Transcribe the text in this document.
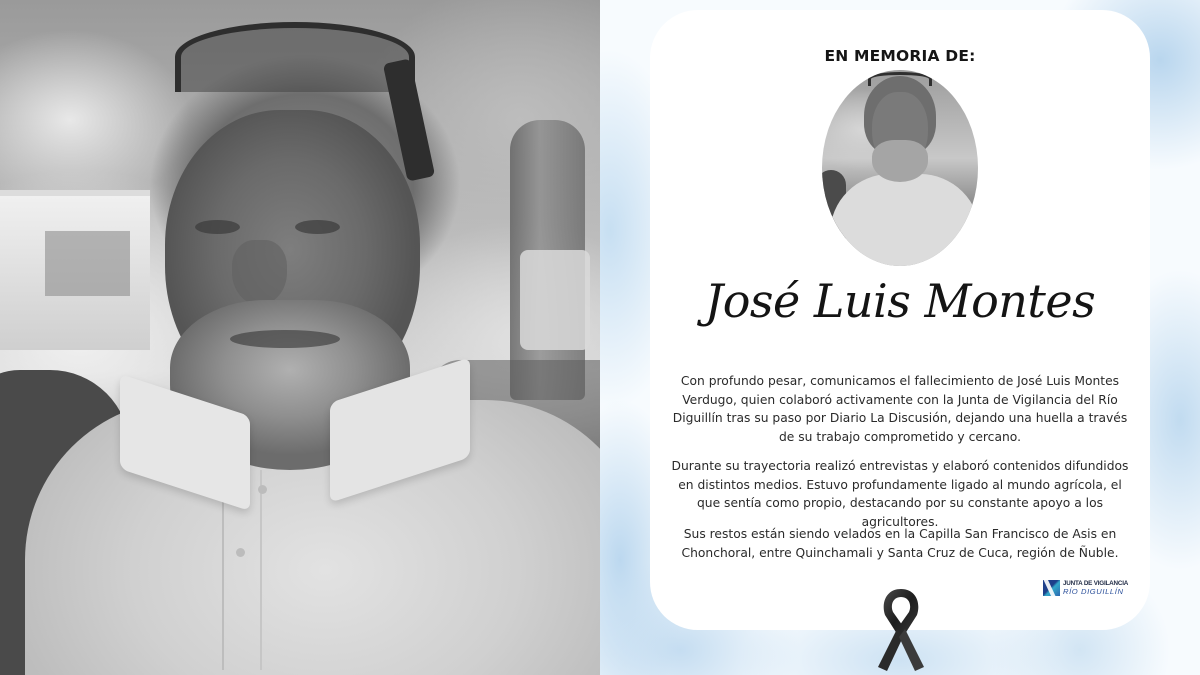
EN MEMORIA DE:
José Luis Montes

Con profundo pesar, comunicamos el fallecimiento de José Luis Montes Verdugo, quien colaboró activamente con la Junta de Vigilancia del Río Diguillín tras su paso por Diario La Discusión, dejando una huella a través de su trabajo comprometido y cercano.

Durante su trayectoria realizó entrevistas y elaboró contenidos difundidos en distintos medios. Estuvo profundamente ligado al mundo agrícola, el que sentía como propio, destacando por su constante apoyo a los agricultores.

Sus restos están siendo velados en la Capilla San Francisco de Asis en Chonchoral, entre Quinchamali y Santa Cruz de Cuca, región de Ñuble.

JUNTA DE VIGILANCIA
RÍO DIGUILLÍN
